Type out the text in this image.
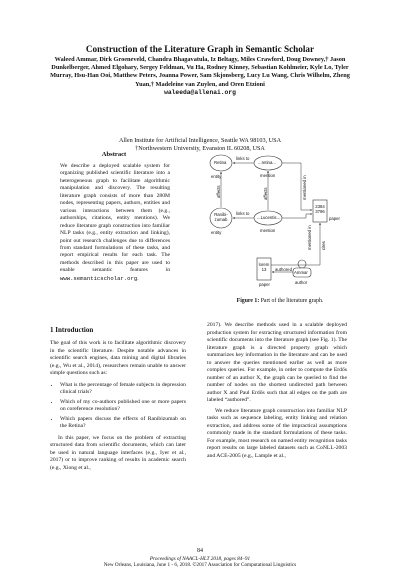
Construction of the Literature Graph in Semantic Scholar
Waleed Ammar, Dirk Groeneveld, Chandra Bhagavatula, Iz Beltagy, Miles Crawford, Doug Downey,† Jason Dunkelberger, Ahmed Elgohary, Sergey Feldman, Vu Ha, Rodney Kinney, Sebastian Kohlmeier, Kyle Lo, Tyler Murray, Hsu-Han Ooi, Matthew Peters, Joanna Power, Sam Skjonsberg, Lucy Lu Wang, Chris Wilhelm, Zheng Yuan,† Madeleine van Zuylen, and Oren Etzioni
waleeda@allenai.org
Allen Institute for Artificial Intelligence, Seattle WA 98103, USA
†Northwestern University, Evanston IL 60208, USA
Abstract
We describe a deployed scalable system for organizing published scientific literature into a heterogeneous graph to facilitate algorithmic manipulation and discovery. The resulting literature graph consists of more than 280M nodes, representing papers, authors, entities and various interactions between them (e.g., authorships, citations, entity mentions). We reduce literature graph construction into familiar NLP tasks (e.g., entity extraction and linking), point out research challenges due to differences from standard formulations of these tasks, and report empirical results for each task. The methods described in this paper are used to enable semantic features in www.semanticscholar.org.
Retina
entity
...retina...
mention
Ranibi-zumab
entity
...Lucentis...
mention
2384 3796
paper
lorem 13
paper
Ammar
author
links to
links to
affects	affects	mentioned in
mentioned in cites
authored
Figure 1: Part of the literature graph.
1 Introduction

The goal of this work is to facilitate algorithmic discovery in the scientific literature. Despite notable advances in scientific search engines, data mining and digital libraries (e.g., Wu et al., 2014), researchers remain unable to answer simple questions such as:

• What is the percentage of female subjects in depression clinical trials?
• Which of my co-authors published one or more papers on coreference resolution?
• Which papers discuss the effects of Ranibizumab on the Retina?

In this paper, we focus on the problem of extracting structured data from scientific documents, which can later be used in natural language interfaces (e.g., Iyer et al., 2017) or to improve ranking of results in academic search (e.g., Xiong et al.,

2017). We describe methods used in a scalable deployed production system for extracting structured information from scientific documents into the literature graph (see Fig. 1). The literature graph is a directed property graph which summarizes key information in the literature and can be used to answer the queries mentioned earlier as well as more complex queries. For example, in order to compute the Erdős number of an author X, the graph can be queried to find the number of nodes on the shortest undirected path between author X and Paul Erdős such that all edges on the path are labeled “authored”.

We reduce literature graph construction into familiar NLP tasks such as sequence labeling, entity linking and relation extraction, and address some of the impractical assumptions commonly made in the standard formulations of these tasks. For example, most research on named entity recognition tasks report results on large labeled datasets such as CoNLL-2003 and ACE-2005 (e.g., Lample et al.,

84
Proceedings of NAACL-HLT 2018, pages 84–91
New Orleans, Louisiana, June 1 - 6, 2018. ©2017 Association for Computational Linguistics
